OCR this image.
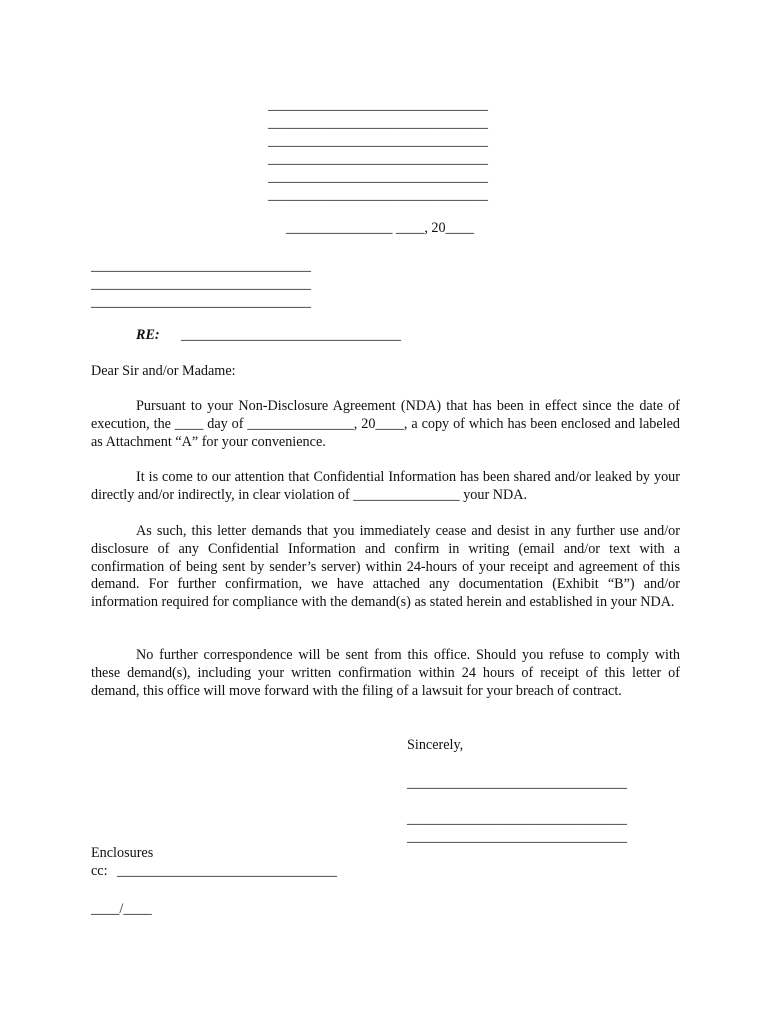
_______________________________
_______________________________
_______________________________
_______________________________
_______________________________
_______________________________
_______________ ____, 20____
_______________________________
_______________________________
_______________________________
RE: _______________________________
Dear Sir and/or Madame:

Pursuant to your Non-Disclosure Agreement (NDA) that has been in effect since the date of execution, the ____ day of _______________, 20____, a copy of which has been enclosed and labeled as Attachment “A” for your convenience.

It is come to our attention that Confidential Information has been shared and/or leaked by your directly and/or indirectly, in clear violation of _______________ your NDA.

As such, this letter demands that you immediately cease and desist in any further use and/or disclosure of any Confidential Information and confirm in writing (email and/or text with a confirmation of being sent by sender’s server) within 24-hours of your receipt and agreement of this demand. For further confirmation, we have attached any documentation (Exhibit “B”) and/or information required for compliance with the demand(s) as stated herein and established in your NDA.

No further correspondence will be sent from this office. Should you refuse to comply with these demand(s), including your written confirmation within 24 hours of receipt of this letter of demand, this office will move forward with the filing of a lawsuit for your breach of contract.

Sincerely,
_______________________________
_______________________________
_______________________________
Enclosures
cc: _______________________________
____/____
